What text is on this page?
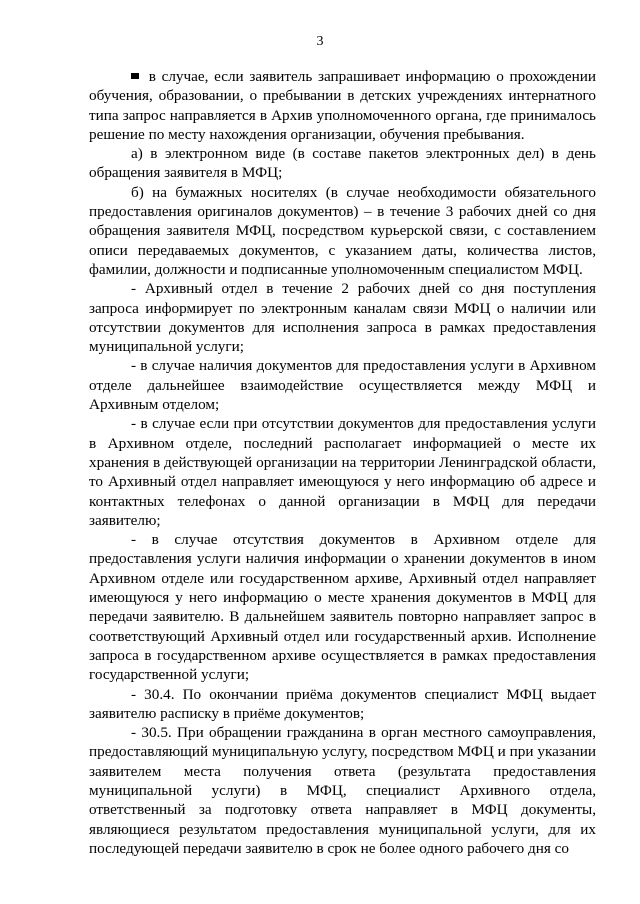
3

в случае, если заявитель запрашивает информацию о прохождении обучения, образовании, о пребывании в детских учреждениях интернатного типа запрос направляется в Архив уполномоченного органа, где принималось решение по месту нахождения организации, обучения пребывания.

а) в электронном виде (в составе пакетов электронных дел) в день обращения заявителя в МФЦ;

б) на бумажных носителях (в случае необходимости обязательного предоставления оригиналов документов) – в течение 3 рабочих дней со дня обращения заявителя МФЦ, посредством курьерской связи, с составлением описи передаваемых документов, с указанием даты, количества листов, фамилии, должности и подписанные уполномоченным специалистом МФЦ.

- Архивный отдел в течение 2 рабочих дней со дня поступления запроса информирует по электронным каналам связи МФЦ о наличии или отсутствии документов для исполнения запроса в рамках предоставления муниципальной услуги;

- в случае наличия документов для предоставления услуги в Архивном отделе дальнейшее взаимодействие осуществляется между МФЦ и Архивным отделом;

- в случае если при отсутствии документов для предоставления услуги в Архивном отделе, последний располагает информацией о месте их хранения в действующей организации на территории Ленинградской области, то Архивный отдел направляет имеющуюся у него информацию об адресе и контактных телефонах о данной организации в МФЦ для передачи заявителю;

- в случае отсутствия документов в Архивном отделе для предоставления услуги наличия информации о хранении документов в ином Архивном отделе или государственном архиве, Архивный отдел направляет имеющуюся у него информацию о месте хранения документов в МФЦ для передачи заявителю. В дальнейшем заявитель повторно направляет запрос в соответствующий Архивный отдел или государственный архив. Исполнение запроса в государственном архиве осуществляется в рамках предоставления государственной услуги;

- 30.4. По окончании приёма документов специалист МФЦ выдает заявителю расписку в приёме документов;

- 30.5. При обращении гражданина в орган местного самоуправления, предоставляющий муниципальную услугу, посредством МФЦ и при указании заявителем места получения ответа (результата предоставления муниципальной услуги) в МФЦ, специалист Архивного отдела, ответственный за подготовку ответа направляет в МФЦ документы, являющиеся результатом предоставления муниципальной услуги, для их последующей передачи заявителю в срок не более одного рабочего дня со
